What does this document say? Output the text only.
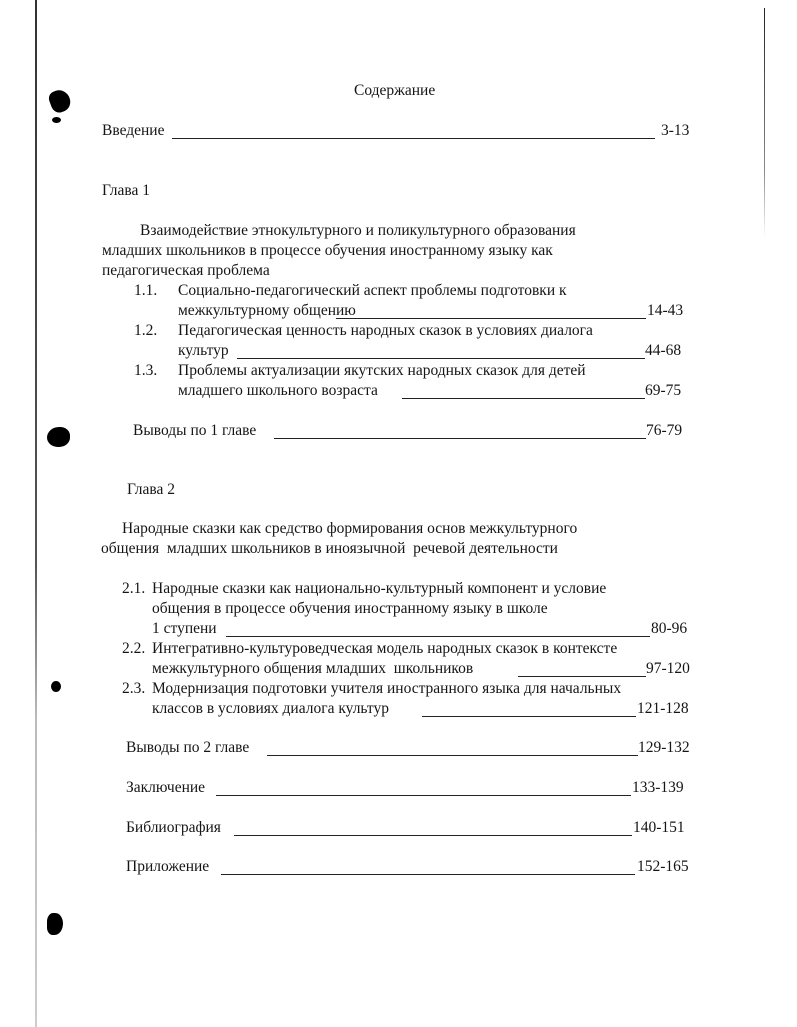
Содержание
Введение	3-13
Глава 1
Взаимодействие этнокультурного и поликультурного образования
младших школьников в процессе обучения иностранному языку как
педагогическая проблема
1.1. Социально-педагогический аспект проблемы подготовки к
межкультурному общению	14-43
1.2. Педагогическая ценность народных сказок в условиях диалога
культур	44-68
1.3. Проблемы актуализации якутских народных сказок для детей
младшего школьного возраста	69-75
Выводы по 1 главе	76-79
Глава 2
Народные сказки как средство формирования основ межкультурного
общения  младших школьников в иноязычной  речевой деятельности
2.1. Народные сказки как национально-культурный компонент и условие
общения в процессе обучения иностранному языку в школе
1 ступени	80-96
2.2. Интегративно-культуроведческая модель народных сказок в контексте
межкультурного общения младших  школьников	97-120
2.3. Модернизация подготовки учителя иностранного языка для начальных
классов в условиях диалога культур	121-128
Выводы по 2 главе	129-132
Заключение	133-139
Библиография	140-151
Приложение	152-165
